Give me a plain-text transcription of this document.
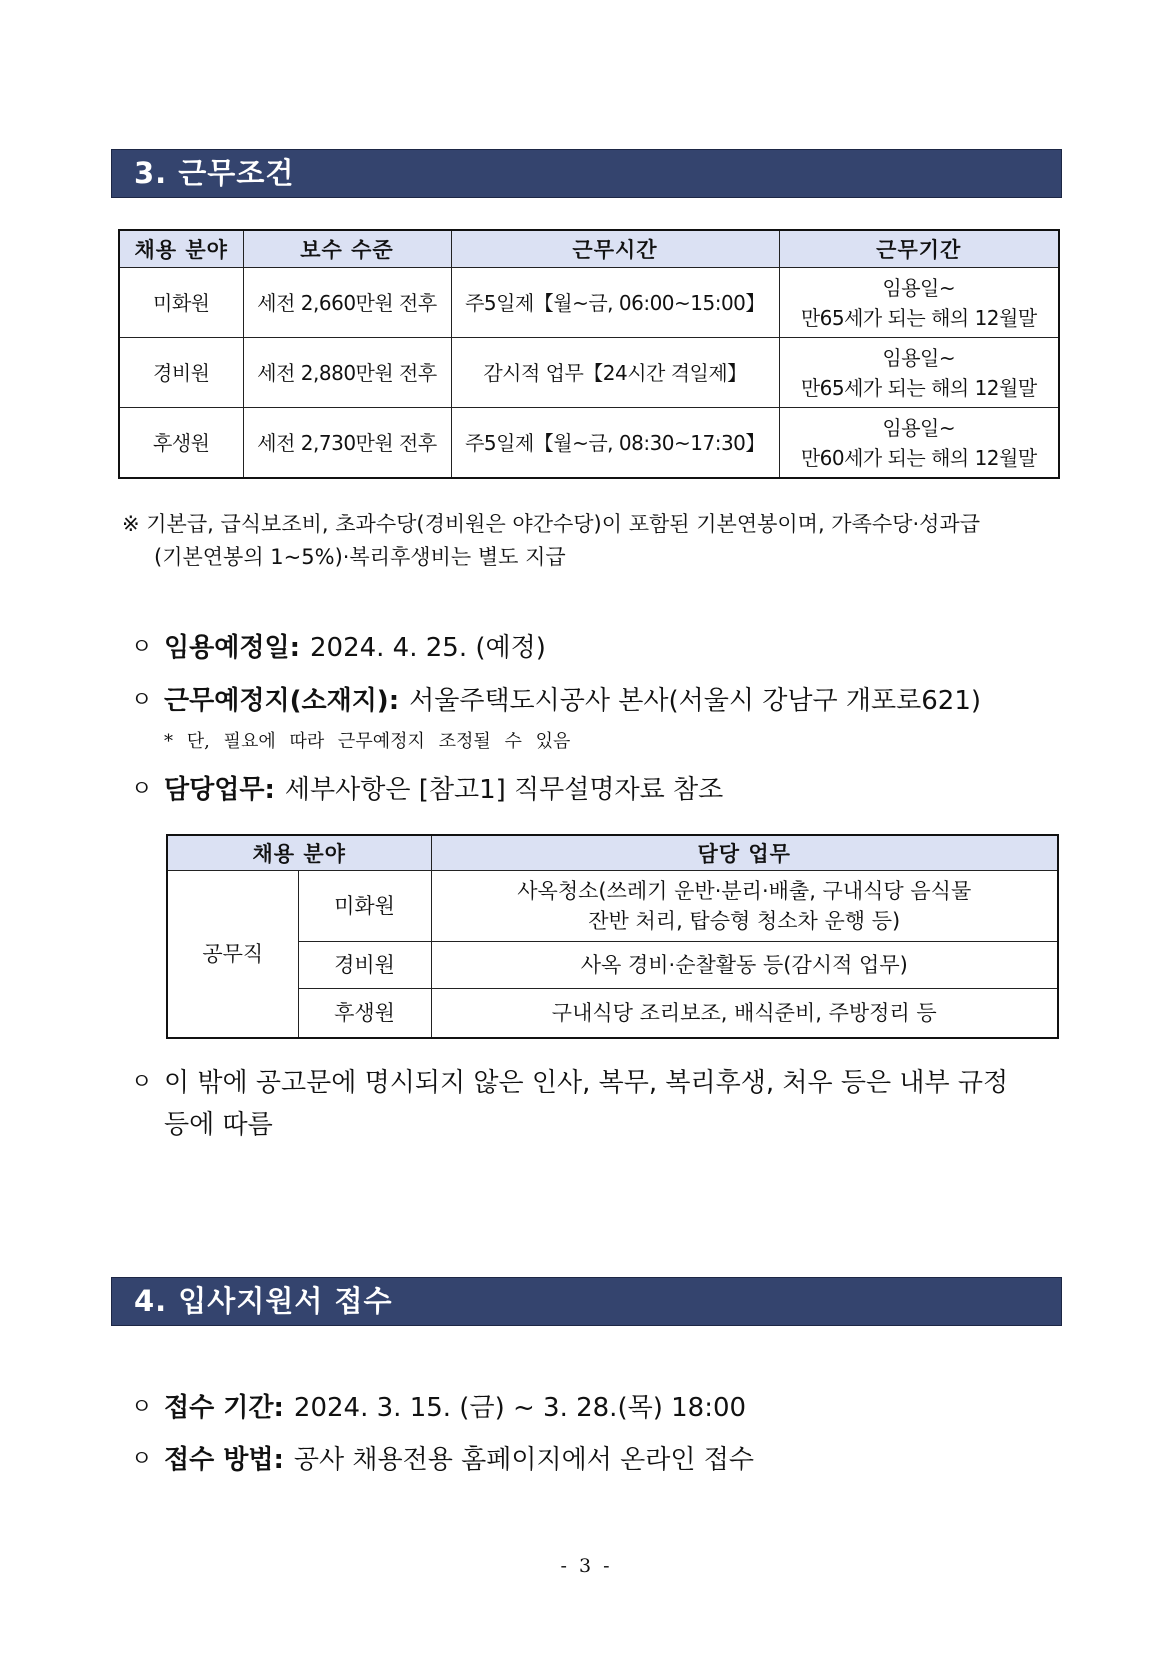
3. 근무조건
채용 분야	보수 수준	근무시간	근무기간
미화원	세전 2,660만원 전후	주5일제【월~금, 06:00~15:00】	임용일~
만65세가 되는 해의 12월말

경비원	세전 2,880만원 전후	감시적 업무【24시간 격일제】	임용일~
만65세가 되는 해의 12월말

후생원	세전 2,730만원 전후	주5일제【월~금, 08:30~17:30】	임용일~
만60세가 되는 해의 12월말
※ 기본급, 급식보조비, 초과수당(경비원은 야간수당)이 포함된 기본연봉이며, 가족수당·성과급
(기본연봉의 1~5%)·복리후생비는 별도 지급
ㅇ 임용예정일: 2024. 4. 25. (예정)
ㅇ 근무예정지(소재지): 서울주택도시공사 본사(서울시 강남구 개포로621)
* 단, 필요에 따라 근무예정지 조정될 수 있음
ㅇ 담당업무: 세부사항은 [참고1] 직무설명자료 참조
채용 분야		담당 업무
공무직	미화원	사옥청소(쓰레기 운반·분리·배출, 구내식당 음식물
잔반 처리, 탑승형 청소차 운행 등)

	경비원	사옥 경비·순찰활동 등(감시적 업무)
	후생원	구내식당 조리보조, 배식준비, 주방정리 등
ㅇ 이 밖에 공고문에 명시되지 않은 인사, 복무, 복리후생, 처우 등은 내부 규정
등에 따름
4. 입사지원서 접수
ㅇ 접수 기간: 2024. 3. 15. (금) ~ 3. 28.(목) 18:00
ㅇ 접수 방법: 공사 채용전용 홈페이지에서 온라인 접수
- 3 -
